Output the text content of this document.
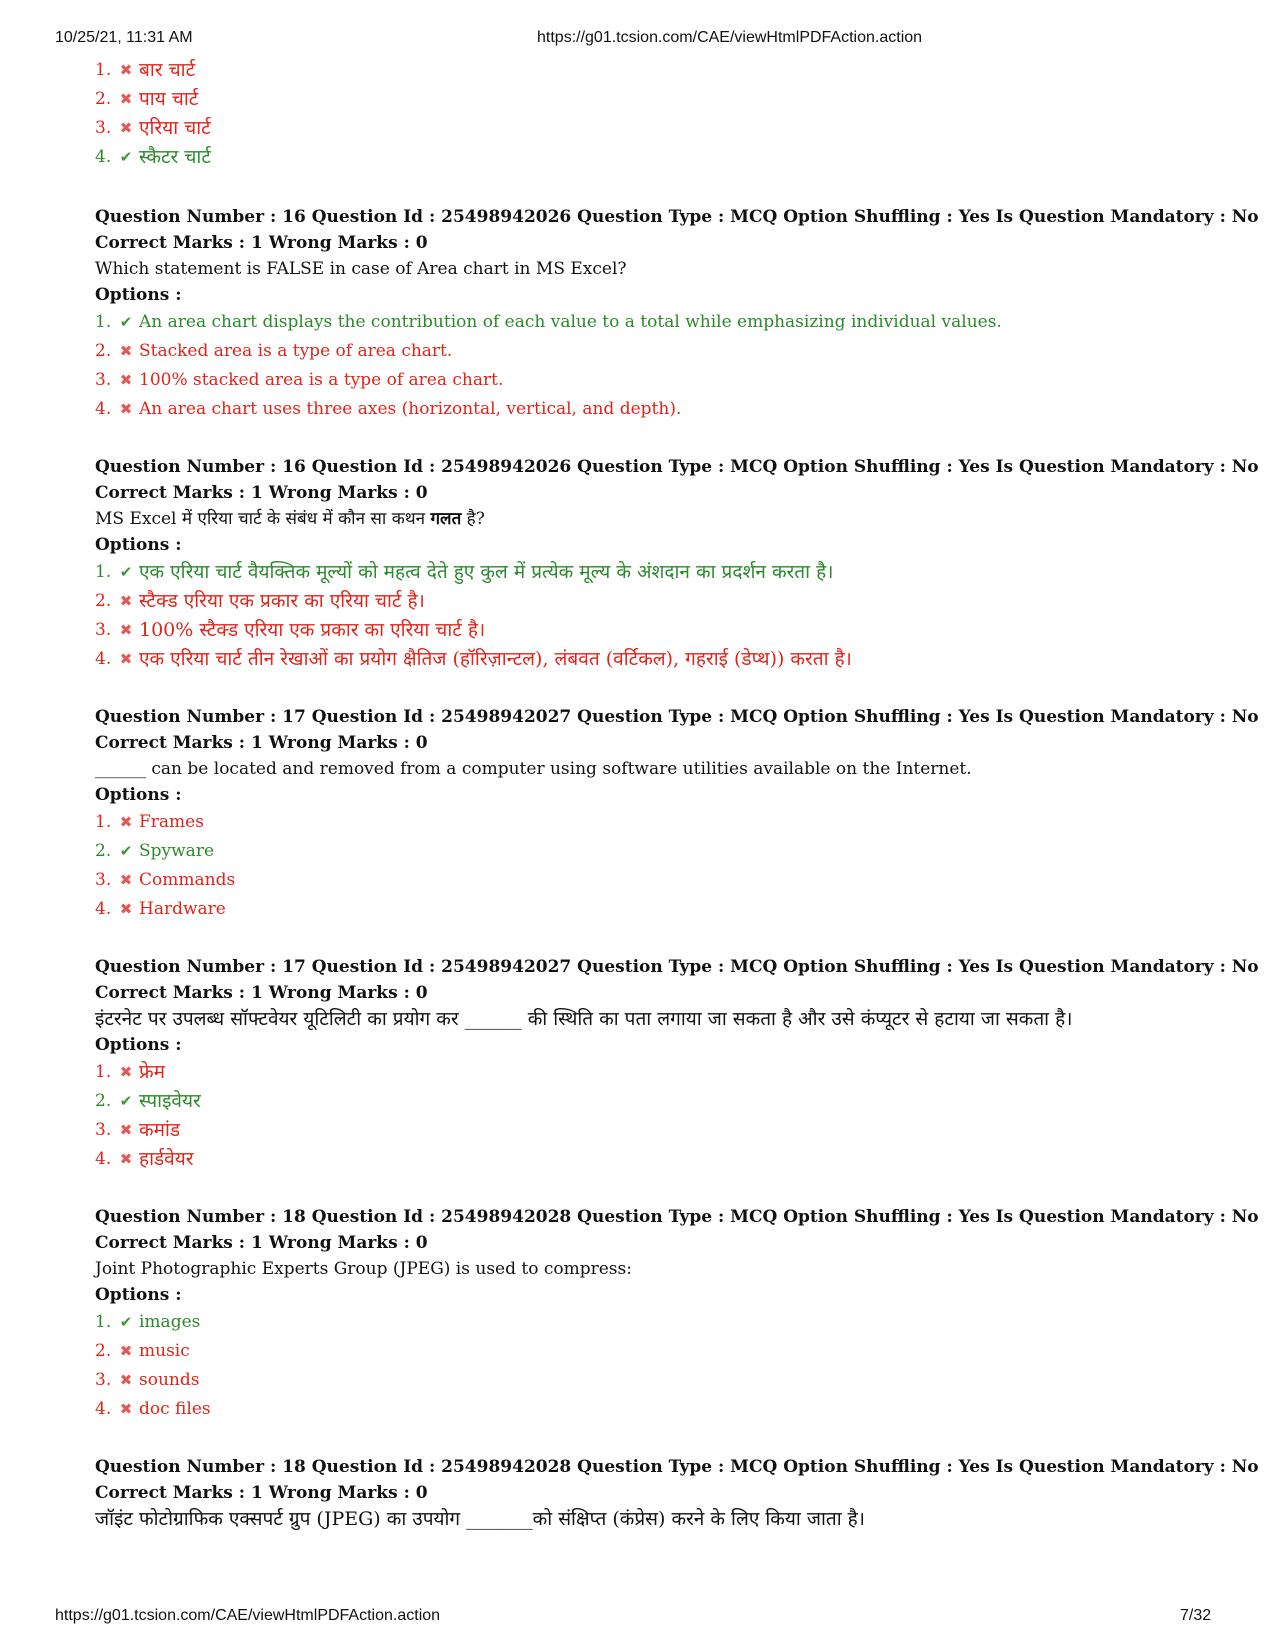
10/25/21, 11:31 AM	https://g01.tcsion.com/CAE/viewHtmlPDFAction.action
1. ✖ बार चार्ट
2. ✖ पाय चार्ट
3. ✖ एरिया चार्ट
4. ✔ स्कैटर चार्ट
Question Number : 16 Question Id : 25498942026 Question Type : MCQ Option Shuffling : Yes Is Question Mandatory : No
Correct Marks : 1 Wrong Marks : 0
Which statement is FALSE in case of Area chart in MS Excel?
Options :
1. ✔ An area chart displays the contribution of each value to a total while emphasizing individual values.
2. ✖ Stacked area is a type of area chart.
3. ✖ 100% stacked area is a type of area chart.
4. ✖ An area chart uses three axes (horizontal, vertical, and depth).
Question Number : 16 Question Id : 25498942026 Question Type : MCQ Option Shuffling : Yes Is Question Mandatory : No
Correct Marks : 1 Wrong Marks : 0
MS Excel में एरिया चार्ट के संबंध में कौन सा कथन गलत है?
Options :
1. ✔ एक एरिया चार्ट वैयक्तिक मूल्यों को महत्व देते हुए कुल में प्रत्येक मूल्य के अंशदान का प्रदर्शन करता है।
2. ✖ स्टैक्ड एरिया एक प्रकार का एरिया चार्ट है।
3. ✖ 100% स्टैक्ड एरिया एक प्रकार का एरिया चार्ट है।
4. ✖ एक एरिया चार्ट तीन रेखाओं का प्रयोग क्षैतिज (हॉरिज़ान्टल), लंबवत (वर्टिकल), गहराई (डेप्थ)) करता है।
Question Number : 17 Question Id : 25498942027 Question Type : MCQ Option Shuffling : Yes Is Question Mandatory : No
Correct Marks : 1 Wrong Marks : 0
______ can be located and removed from a computer using software utilities available on the Internet.
Options :
1. ✖ Frames
2. ✔ Spyware
3. ✖ Commands
4. ✖ Hardware
Question Number : 17 Question Id : 25498942027 Question Type : MCQ Option Shuffling : Yes Is Question Mandatory : No
Correct Marks : 1 Wrong Marks : 0
इंटरनेट पर उपलब्ध सॉफ्टवेयर यूटिलिटी का प्रयोग कर ______ की स्थिति का पता लगाया जा सकता है और उसे कंप्यूटर से हटाया जा सकता है।
Options :
1. ✖ फ्रेम
2. ✔ स्पाइवेयर
3. ✖ कमांड
4. ✖ हार्डवेयर
Question Number : 18 Question Id : 25498942028 Question Type : MCQ Option Shuffling : Yes Is Question Mandatory : No
Correct Marks : 1 Wrong Marks : 0
Joint Photographic Experts Group (JPEG) is used to compress:
Options :
1. ✔ images
2. ✖ music
3. ✖ sounds
4. ✖ doc files
Question Number : 18 Question Id : 25498942028 Question Type : MCQ Option Shuffling : Yes Is Question Mandatory : No
Correct Marks : 1 Wrong Marks : 0
जॉइंट फोटोग्राफिक एक्सपर्ट ग्रुप (JPEG) का उपयोग _______को संक्षिप्त (कंप्रेस) करने के लिए किया जाता है।
https://g01.tcsion.com/CAE/viewHtmlPDFAction.action	7/32
